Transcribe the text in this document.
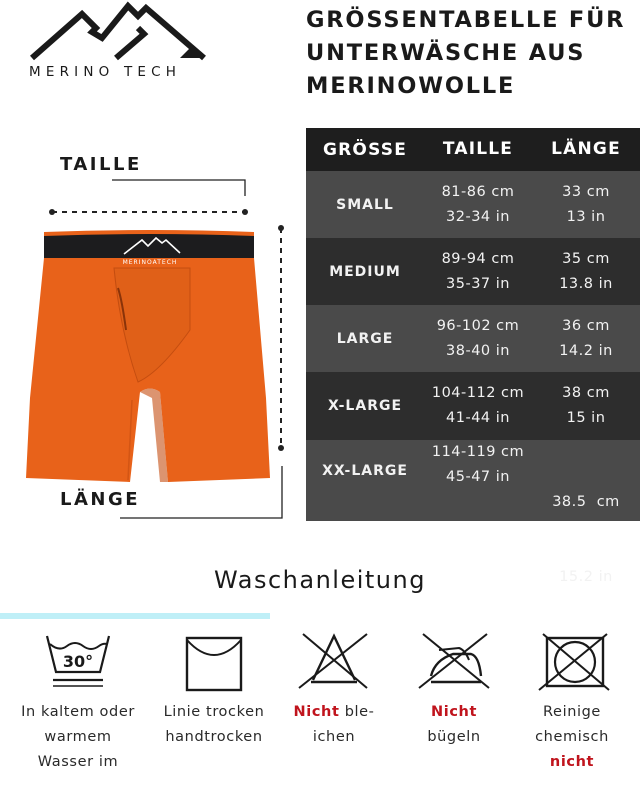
MERINO TECH
GRÖSSENTABELLE FÜR
UNTERWÄSCHE AUS
MERINOWOLLE
TAILLE
LÄNGE
MERINOATECH
GRÖSSE	TAILLE	LÄNGE
SMALL
81-86 cm
32-34 in
33 cm
13 in
MEDIUM
89-94 cm
35-37 in
35 cm
13.8 in
LARGE
96-102 cm
38-40 in
36 cm
14.2 in
X-LARGE
104-112 cm
41-44 in
38 cm
15 in
XX-LARGE
114-119 cm
45-47 in

38.5  cm

15.2 in

Waschanleitung
30°
In kaltem oder
warmem
Wasser im
Linie trocken
handtrocken
Nicht ble-
ichen
Nicht
bügeln
Reinige
chemisch
nicht
